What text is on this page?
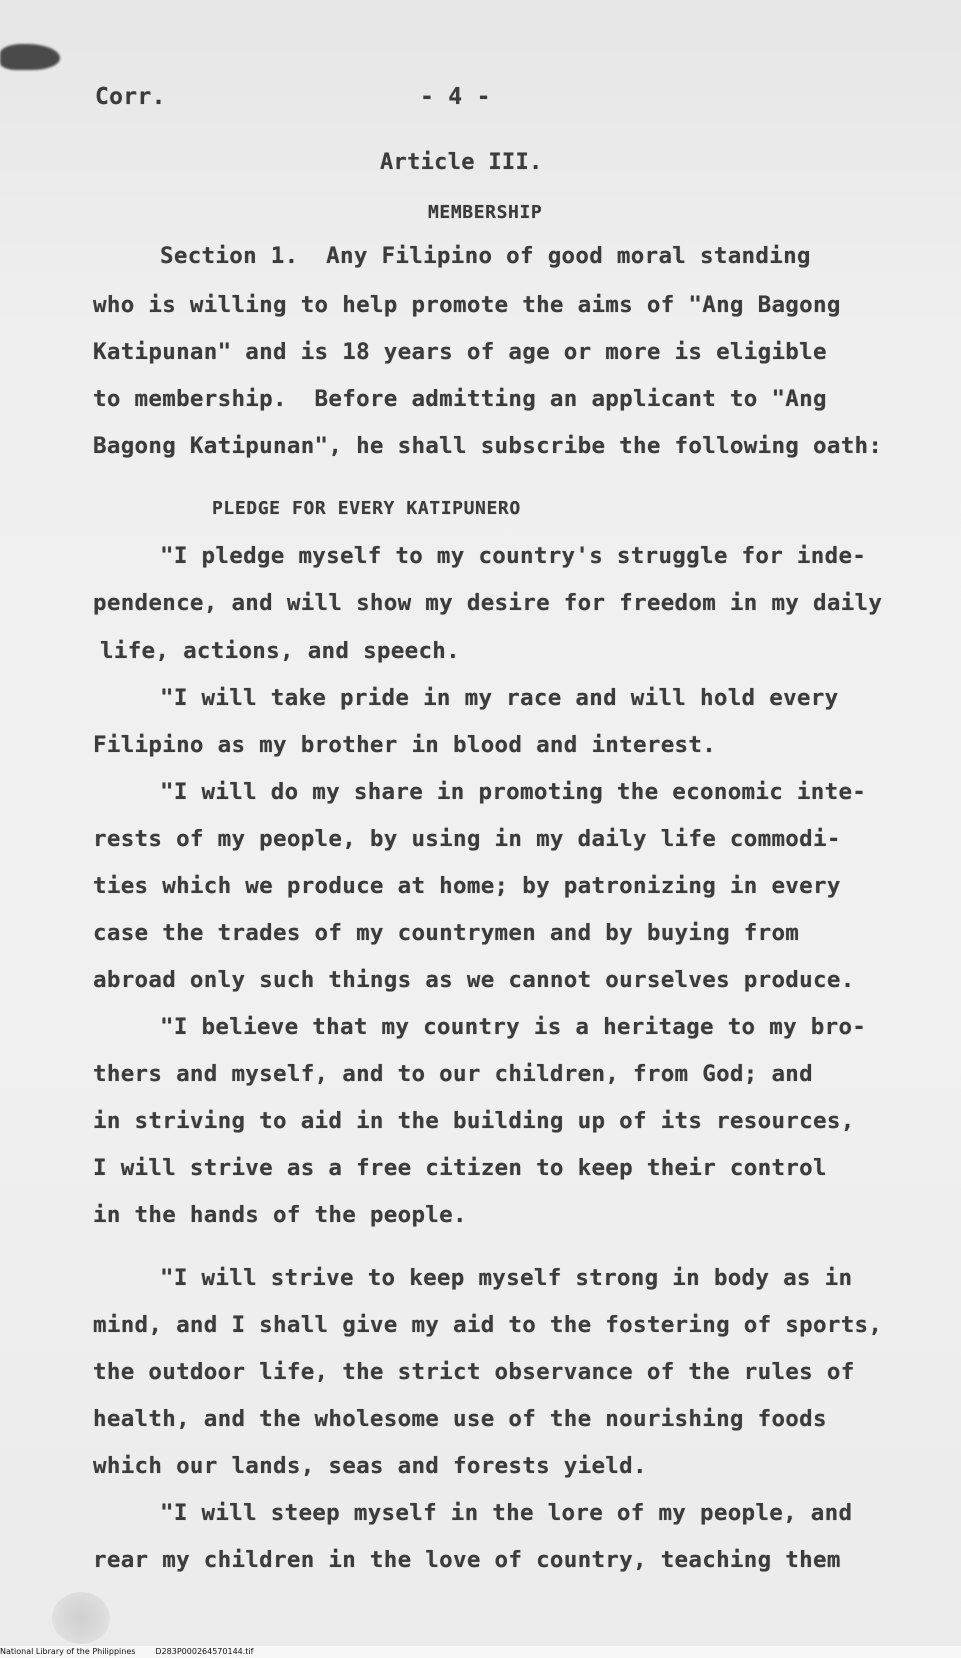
Corr.	- 4 -
Article III.
MEMBERSHIP
Section 1.  Any Filipino of good moral standing
who is willing to help promote the aims of "Ang Bagong
Katipunan" and is 18 years of age or more is eligible
to membership.  Before admitting an applicant to "Ang
Bagong Katipunan", he shall subscribe the following oath:
PLEDGE FOR EVERY KATIPUNERO
"I pledge myself to my country's struggle for inde-
pendence, and will show my desire for freedom in my daily
life, actions, and speech.
"I will take pride in my race and will hold every
Filipino as my brother in blood and interest.
"I will do my share in promoting the economic inte-
rests of my people, by using in my daily life commodi-
ties which we produce at home; by patronizing in every
case the trades of my countrymen and by buying from
abroad only such things as we cannot ourselves produce.
"I believe that my country is a heritage to my bro-
thers and myself, and to our children, from God; and
in striving to aid in the building up of its resources,
I will strive as a free citizen to keep their control
in the hands of the people.
"I will strive to keep myself strong in body as in
mind, and I shall give my aid to the fostering of sports,
the outdoor life, the strict observance of the rules of
health, and the wholesome use of the nourishing foods
which our lands, seas and forests yield.
"I will steep myself in the lore of my people, and
rear my children in the love of country, teaching them
National Library of the Philippines	D283P000264570144.tif
